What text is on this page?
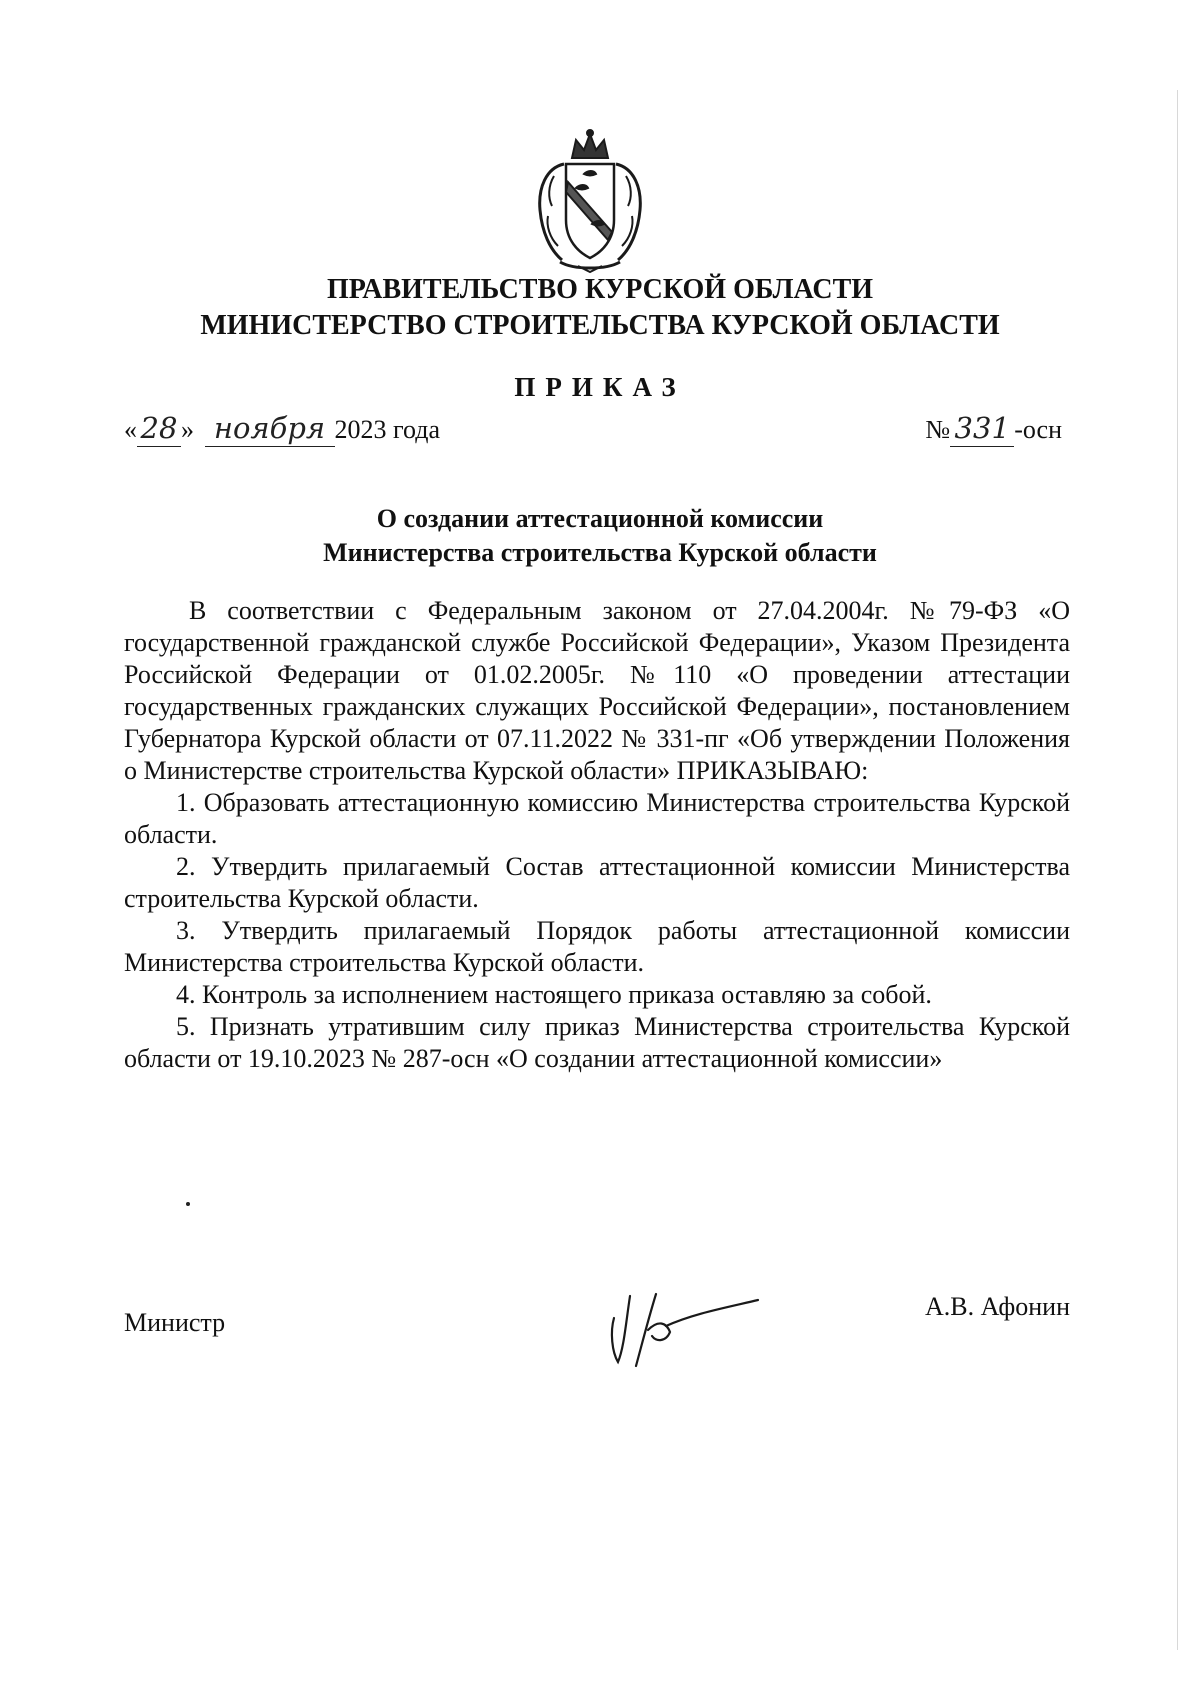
ПРАВИТЕЛЬСТВО КУРСКОЙ ОБЛАСТИ
МИНИСТЕРСТВО СТРОИТЕЛЬСТВА КУРСКОЙ ОБЛАСТИ
ПРИКАЗ
« 28 » ноября 2023 года	№ 331 -осн
О создании аттестационной комиссии
Министерства строительства Курской области

В соответствии с Федеральным законом от 27.04.2004г. №79-ФЗ «О государственной гражданской службе Российской Федерации», Указом Президента Российской Федерации от 01.02.2005г. №110 «О проведении аттестации государственных гражданских служащих Российской Федерации», постановлением Губернатора Курской области от 07.11.2022 № 331-пг «Об утверждении Положения о Министерстве строительства Курской области» ПРИКАЗЫВАЮ:

1. Образовать аттестационную комиссию Министерства строительства Курской области.

2. Утвердить прилагаемый Состав аттестационной комиссии Министерства строительства Курской области.

3. Утвердить прилагаемый Порядок работы аттестационной комиссии Министерства строительства Курской области.

4. Контроль за исполнением настоящего приказа оставляю за собой.

5. Признать утратившим силу приказ Министерства строительства Курской области от 19.10.2023 № 287-осн «О создании аттестационной комиссии»

Министр
А.В. Афонин
